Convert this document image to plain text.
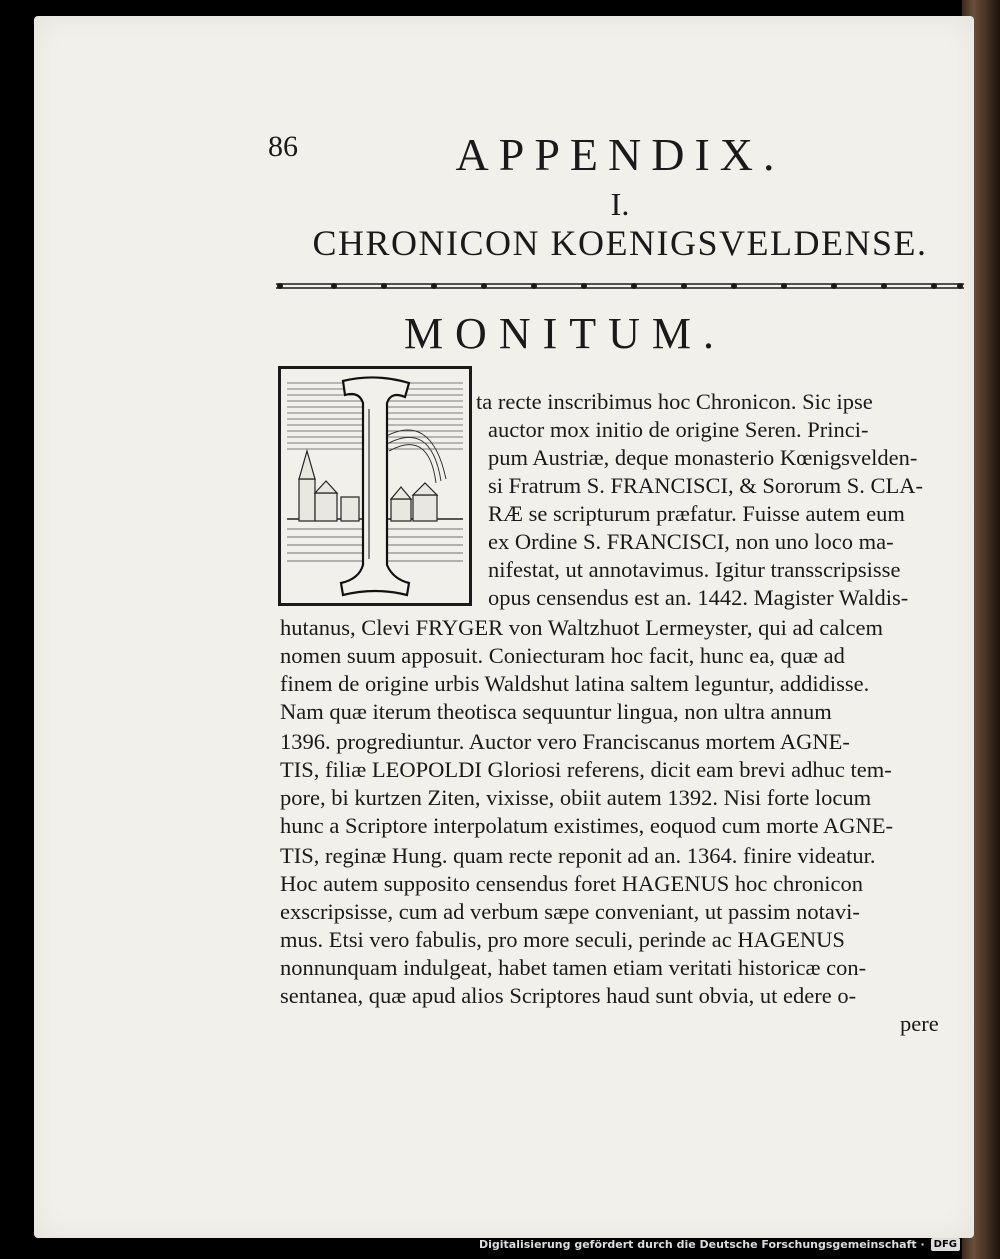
86	APPENDIX.
I.
CHRONICON KOENIGSVELDENSE.
MONITUM.
ta recte inscribimus hoc Chronicon. Sic ipse
auctor mox initio de origine Seren. Princi-
pum Austriæ, deque monasterio Kœnigsvelden-
si Fratrum S. FRANCISCI, & Sororum S. CLA-
RÆ se scripturum præfatur. Fuisse autem eum
ex Ordine S. FRANCISCI, non uno loco ma-
nifestat, ut annotavimus. Igitur transscripsisse
opus censendus est an. 1442. Magister Waldis-
hutanus, Clevi FRYGER von Waltzhuot Lermeyster, qui ad calcem
nomen suum apposuit. Coniecturam hoc facit, hunc ea, quæ ad
finem de origine urbis Waldshut latina saltem leguntur, addidisse.
Nam quæ iterum theotisca sequuntur lingua, non ultra annum
1396. progrediuntur. Auctor vero Franciscanus mortem AGNE-
TIS, filiæ LEOPOLDI Gloriosi referens, dicit eam brevi adhuc tem-
pore, bi kurtzen Ziten, vixisse, obiit autem 1392. Nisi forte locum
hunc a Scriptore interpolatum existimes, eoquod cum morte AGNE-
TIS, reginæ Hung. quam recte reponit ad an. 1364. finire videatur.
Hoc autem supposito censendus foret HAGENUS hoc chronicon
exscripsisse, cum ad verbum sæpe conveniant, ut passim notavi-
mus. Etsi vero fabulis, pro more seculi, perinde ac HAGENUS
nonnunquam indulgeat, habet tamen etiam veritati historicæ con-
sentanea, quæ apud alios Scriptores haud sunt obvia, ut edere o-
pere
Digitalisierung gefördert durch die Deutsche Forschungsgemeinschaft · DFG
